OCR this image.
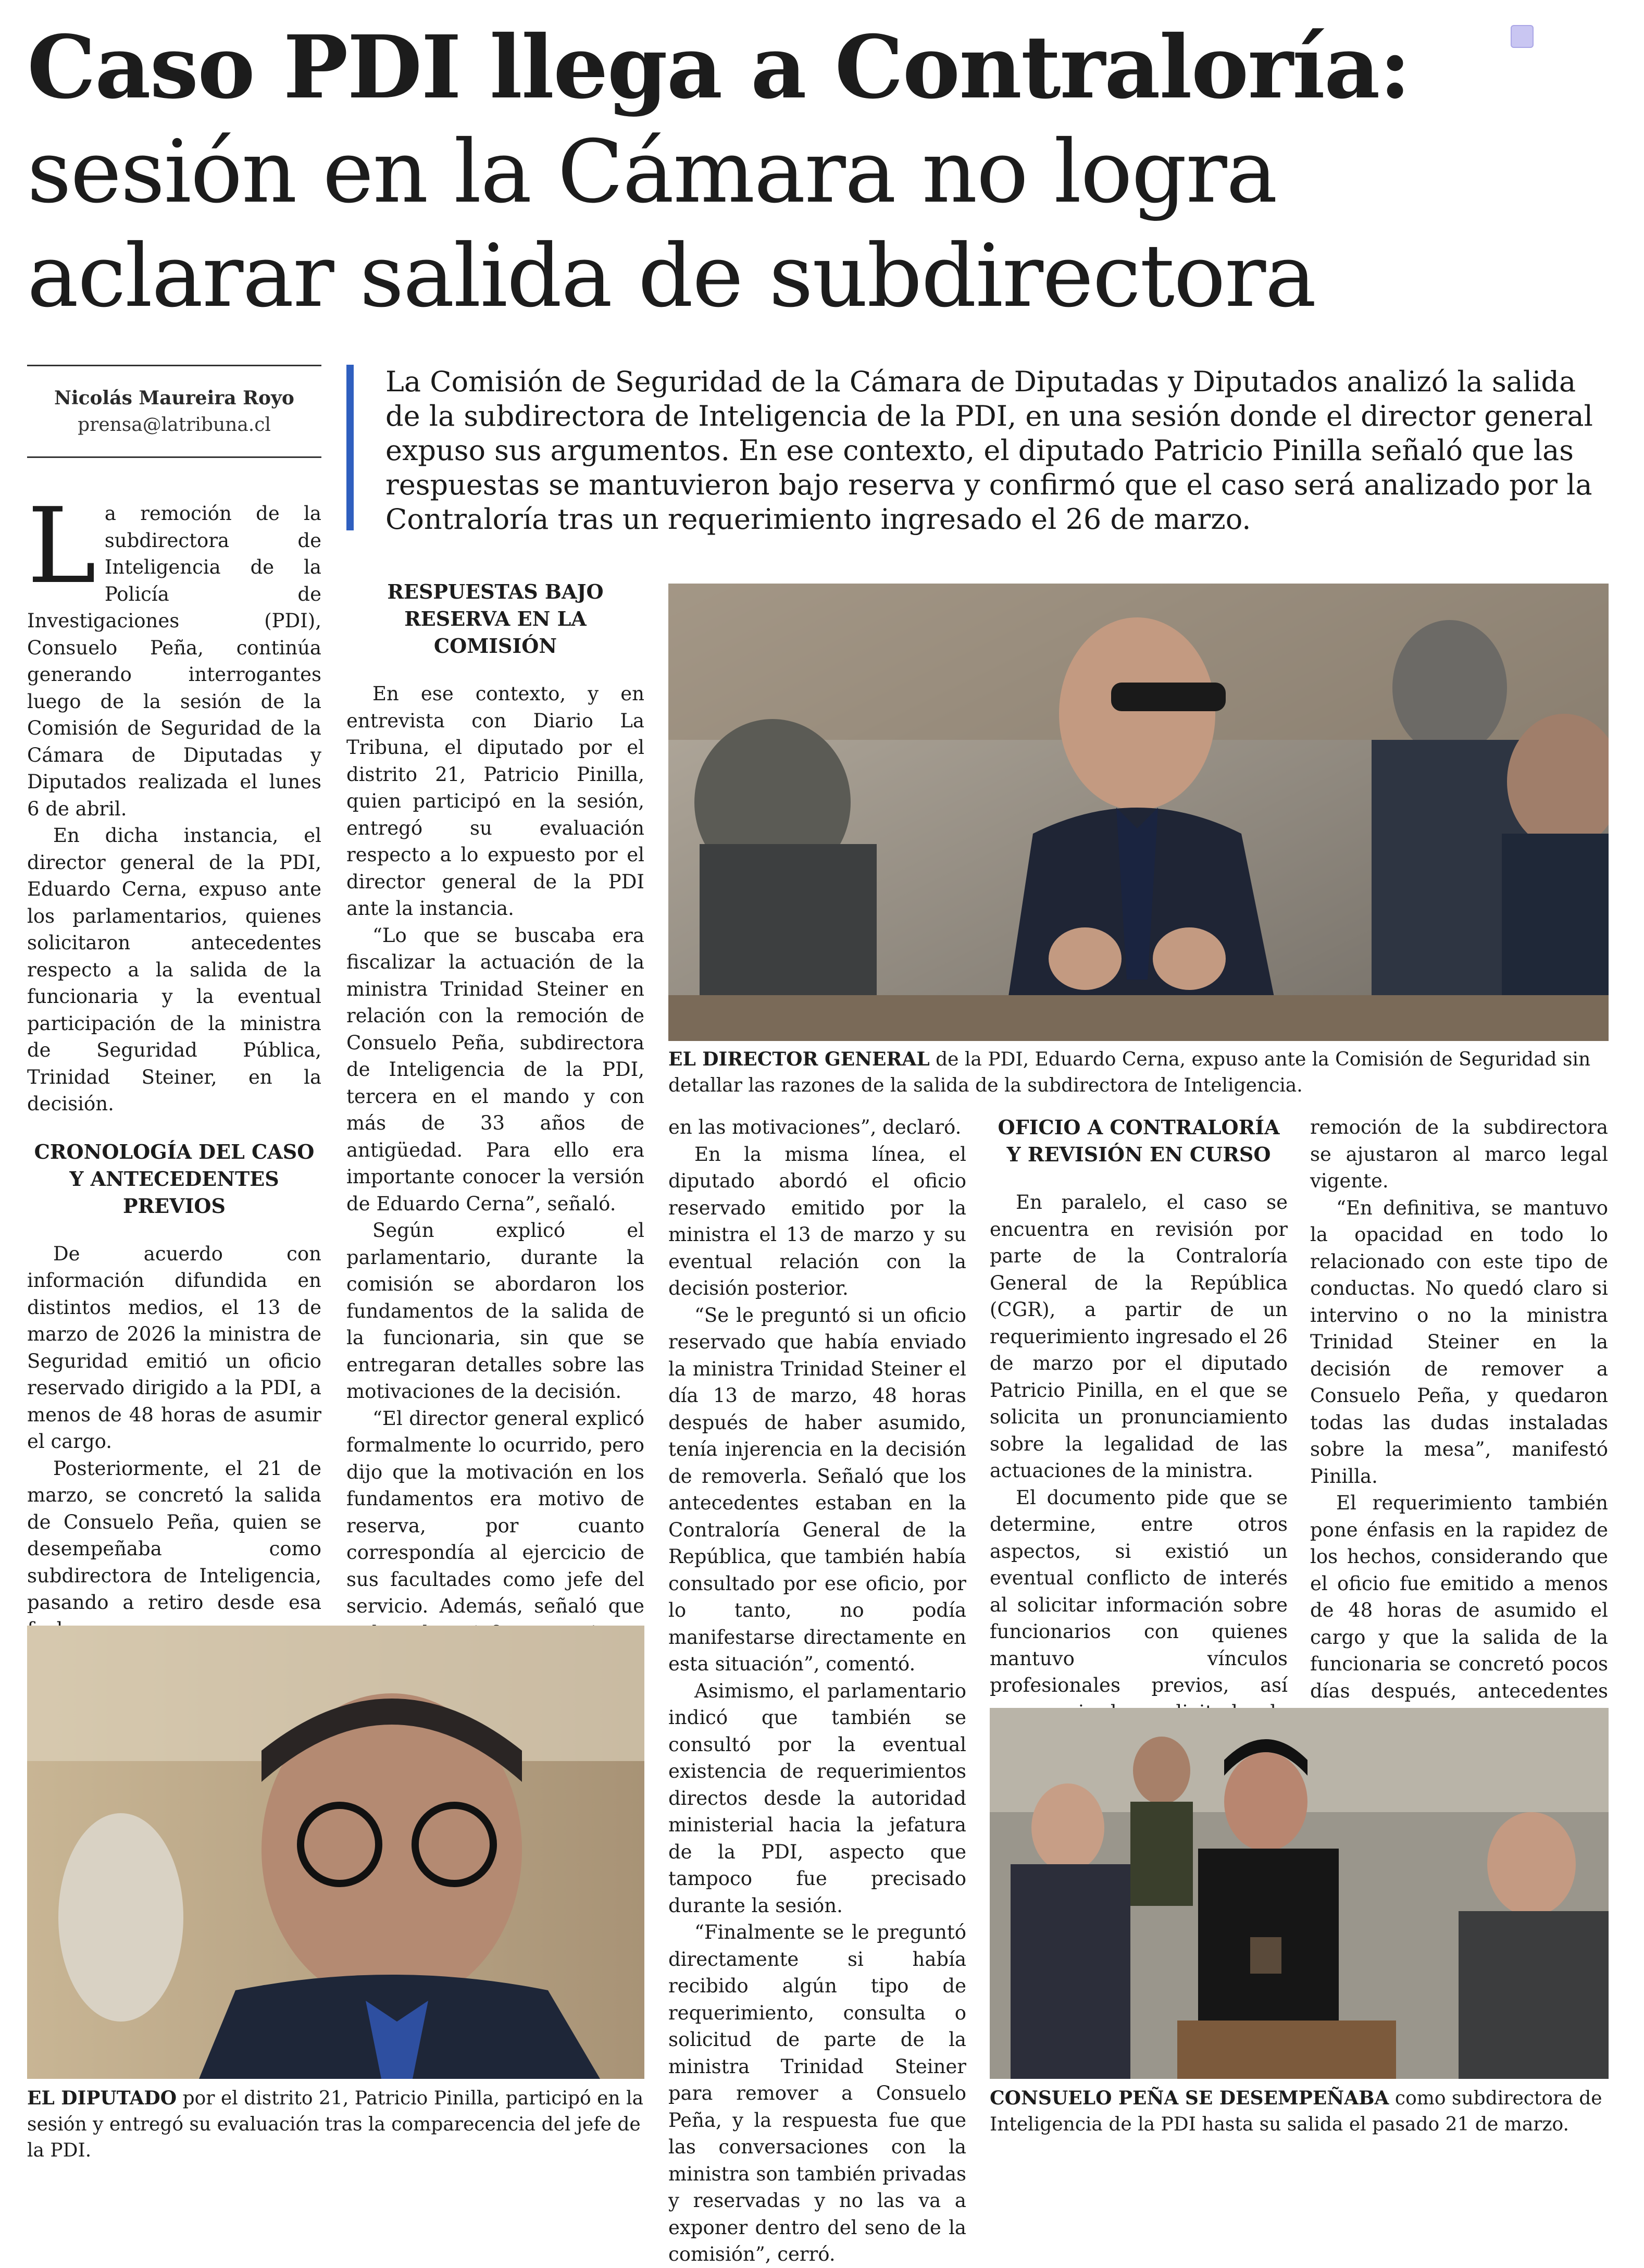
Caso PDI llega a Contraloría: sesión en la Cámara no logra aclarar salida de subdirectora
Nicolás Maureira Royo
prensa@latribuna.cl
La Comisión de Seguridad de la Cámara de Diputadas y Diputados analizó la salida de la subdirectora de Inteligencia de la PDI, en una sesión donde el director general expuso sus argumentos. En ese contexto, el diputado Patricio Pinilla señaló que las respuestas se mantuvieron bajo reserva y confirmó que el caso será analizado por la Contraloría tras un requerimiento ingresado el 26 de marzo.

La remoción de la subdirectora de Inteligencia de la Policía de Investigaciones (PDI), Consuelo Peña, continúa generando interrogantes luego de la sesión de la Comisión de Seguridad de la Cámara de Diputadas y Diputados realizada el lunes 6 de abril.

En dicha instancia, el director general de la PDI, Eduardo Cerna, expuso ante los parlamentarios, quienes solicitaron antecedentes respecto a la salida de la funcionaria y la eventual participación de la ministra de Seguridad Pública, Trinidad Steiner, en la decisión.

CRONOLOGÍA DEL CASO Y ANTECEDENTES PREVIOS

De acuerdo con información difundida en distintos medios, el 13 de marzo de 2026 la ministra de Seguridad emitió un oficio reservado dirigido a la PDI, a menos de 48 horas de asumir el cargo.

Posteriormente, el 21 de marzo, se concretó la salida de Consuelo Peña, quien se desempeñaba como subdirectora de Inteligencia, pasando a retiro desde esa

RESPUESTAS BAJO RESERVA EN LA COMISIÓN

En ese contexto, y en entrevista con Diario La Tribuna, el diputado por el distrito 21, Patricio Pinilla, quien participó en la sesión, entregó su evaluación respecto a lo expuesto por el director general de la PDI ante la instancia.

“Lo que se buscaba era fiscalizar la actuación de la ministra Trinidad Steiner en relación con la remoción de Consuelo Peña, subdirectora de Inteligencia de la PDI, tercera en el mando y con más de 33 años de antigüedad. Para ello era importante conocer la versión de Eduardo Cerna”, señaló.

Según explicó el parlamentario, durante la comisión se abordaron los fundamentos de la salida de la funcionaria, sin que se entregaran detalles sobre las motivaciones de la decisión.

“El director general explicó formalmente lo ocurrido, pero dijo que la motivación en los fundamentos era motivo de reserva, por cuanto correspondía al ejercicio de sus facultades como jefe del servicio. Además, señaló que

EL DIRECTOR GENERAL de la PDI, Eduardo Cerna, expuso ante la Comisión de Seguridad sin detallar las razones de la salida de la subdirectora de Inteligencia.

en las motivaciones”, declaró.

En la misma línea, el diputado abordó el oficio reservado emitido por la ministra el 13 de marzo y su eventual relación con la decisión posterior.

“Se le preguntó si un oficio reservado que había enviado la ministra Trinidad Steiner el día 13 de marzo, 48 horas después de haber asumido, tenía injerencia en la decisión de removerla. Señaló que los antecedentes estaban en la Contraloría General de la República, que también había consultado por ese oficio, por lo tanto, no podía manifestarse directamente en esta situación”, comentó.

Asimismo, el parlamentario indicó que también se consultó por la eventual existencia de requerimientos directos desde la autoridad ministerial hacia la jefatura de la PDI, aspecto que tampoco fue precisado durante la sesión.

“Finalmente se le preguntó directamente si había recibido algún tipo de requerimiento, consulta o solicitud de parte de la ministra Trinidad Steiner para remover a Consuelo Peña, y la respuesta fue que las conversaciones con la ministra son también privadas y reservadas y no las va a exponer dentro del seno de la comisión”, cerró.

OFICIO A CONTRALORÍA Y REVISIÓN EN CURSO

En paralelo, el caso se encuentra en revisión por parte de la Contraloría General de la República (CGR), a partir de un requerimiento ingresado el 26 de marzo por el diputado Patricio Pinilla, en el que se solicita un pronunciamiento sobre la legalidad de las actuaciones de la ministra.

El documento pide que se determine, entre otros aspectos, si existió un eventual conflicto de interés al solicitar información sobre funcionarios con quienes mantuvo vínculos profesionales previos, así

remoción de la subdirectora se ajustaron al marco legal vigente.

“En definitiva, se mantuvo la opacidad en todo lo relacionado con este tipo de conductas. No quedó claro si intervino o no la ministra Trinidad Steiner en la decisión de remover a Consuelo Peña, y quedaron todas las dudas instaladas sobre la mesa”, manifestó Pinilla.

El requerimiento también pone énfasis en la rapidez de los hechos, considerando que el oficio fue emitido a menos de 48 horas de asumido el cargo y que la salida de la funcionaria se concretó pocos días después, antecedentes

EL DIPUTADO por el distrito 21, Patricio Pinilla, participó en la sesión y entregó su evaluación tras la comparecencia del jefe de la PDI.
CONSUELO PEÑA SE DESEMPEÑABA como subdirectora de Inteligencia de la PDI hasta su salida el pasado 21 de marzo.
